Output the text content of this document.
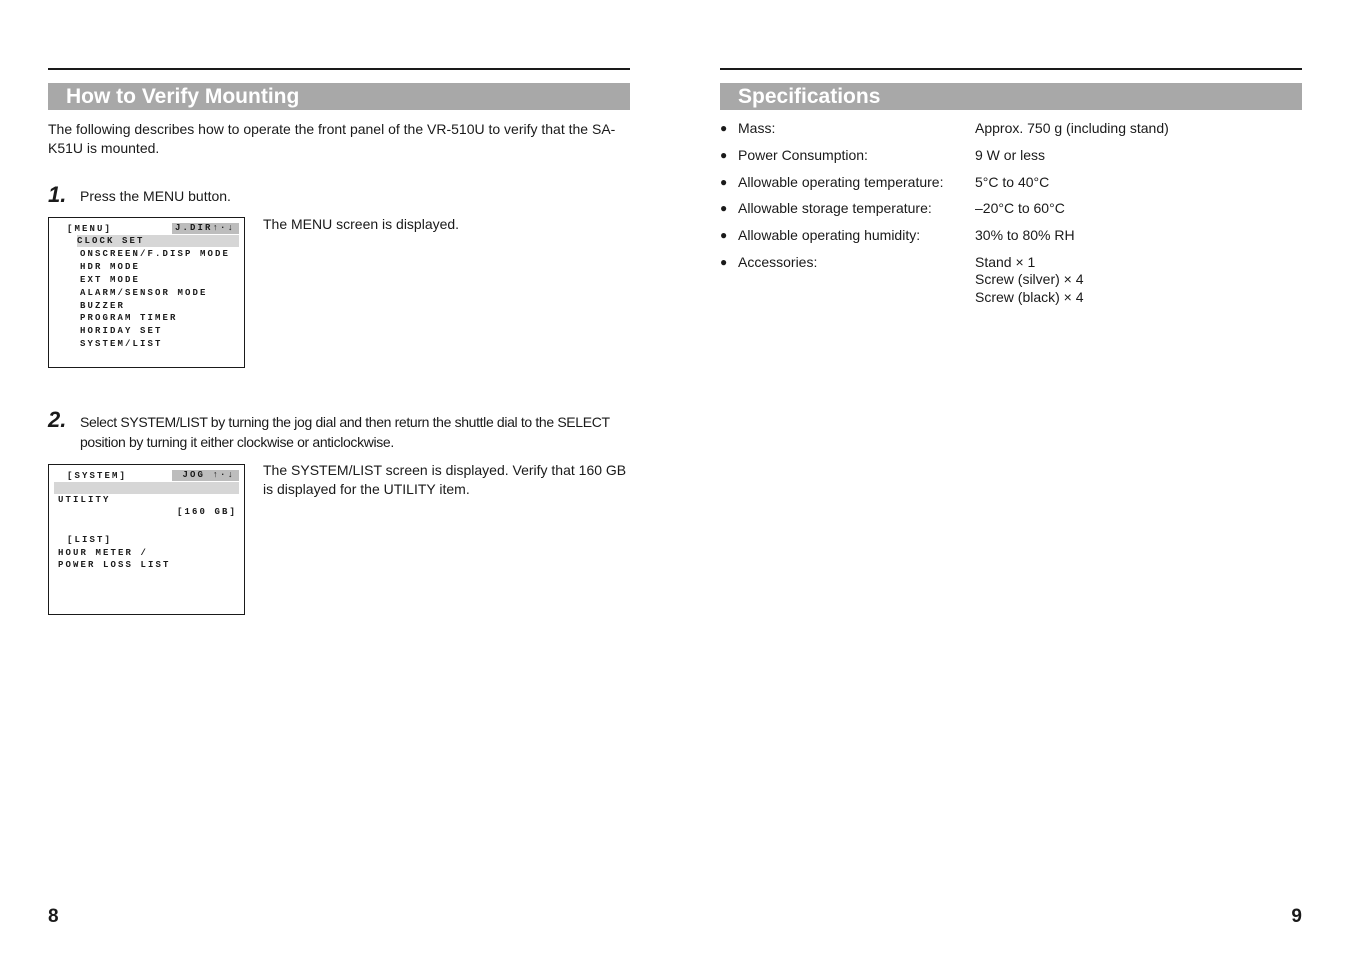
How to Verify Mounting

The following describes how to operate the front panel of the VR-510U to verify that the SA-K51U is mounted.

1. Press the MENU button.

[MENU]	J.DIR↑·↓
CLOCK SET
ONSCREEN/F.DISP MODE
HDR MODE
EXT MODE
ALARM/SENSOR MODE
BUZZER
PROGRAM TIMER
HORIDAY SET
SYSTEM/LIST

The MENU screen is displayed.

2. Select SYSTEM/LIST by turning the jog dial and then return the shuttle dial to the SELECT position by turning it either clockwise or anticlockwise.

[SYSTEM]	JOG ↑·↓

UTILITY

[160 GB]

[LIST]
HOUR METER /
POWER LOSS LIST

The SYSTEM/LIST screen is displayed. Verify that 160 GB is displayed for the UTILITY item.

8
Specifications
● Mass:	Approx. 750 g (including stand)
● Power Consumption:	9 W or less
● Allowable operating temperature: 5°C to 40°C
● Allowable storage temperature:	–20°C to 60°C
● Allowable operating humidity:	30% to 80% RH
● Accessories:	Stand × 1
Screw (silver) × 4
Screw (black) × 4
9
